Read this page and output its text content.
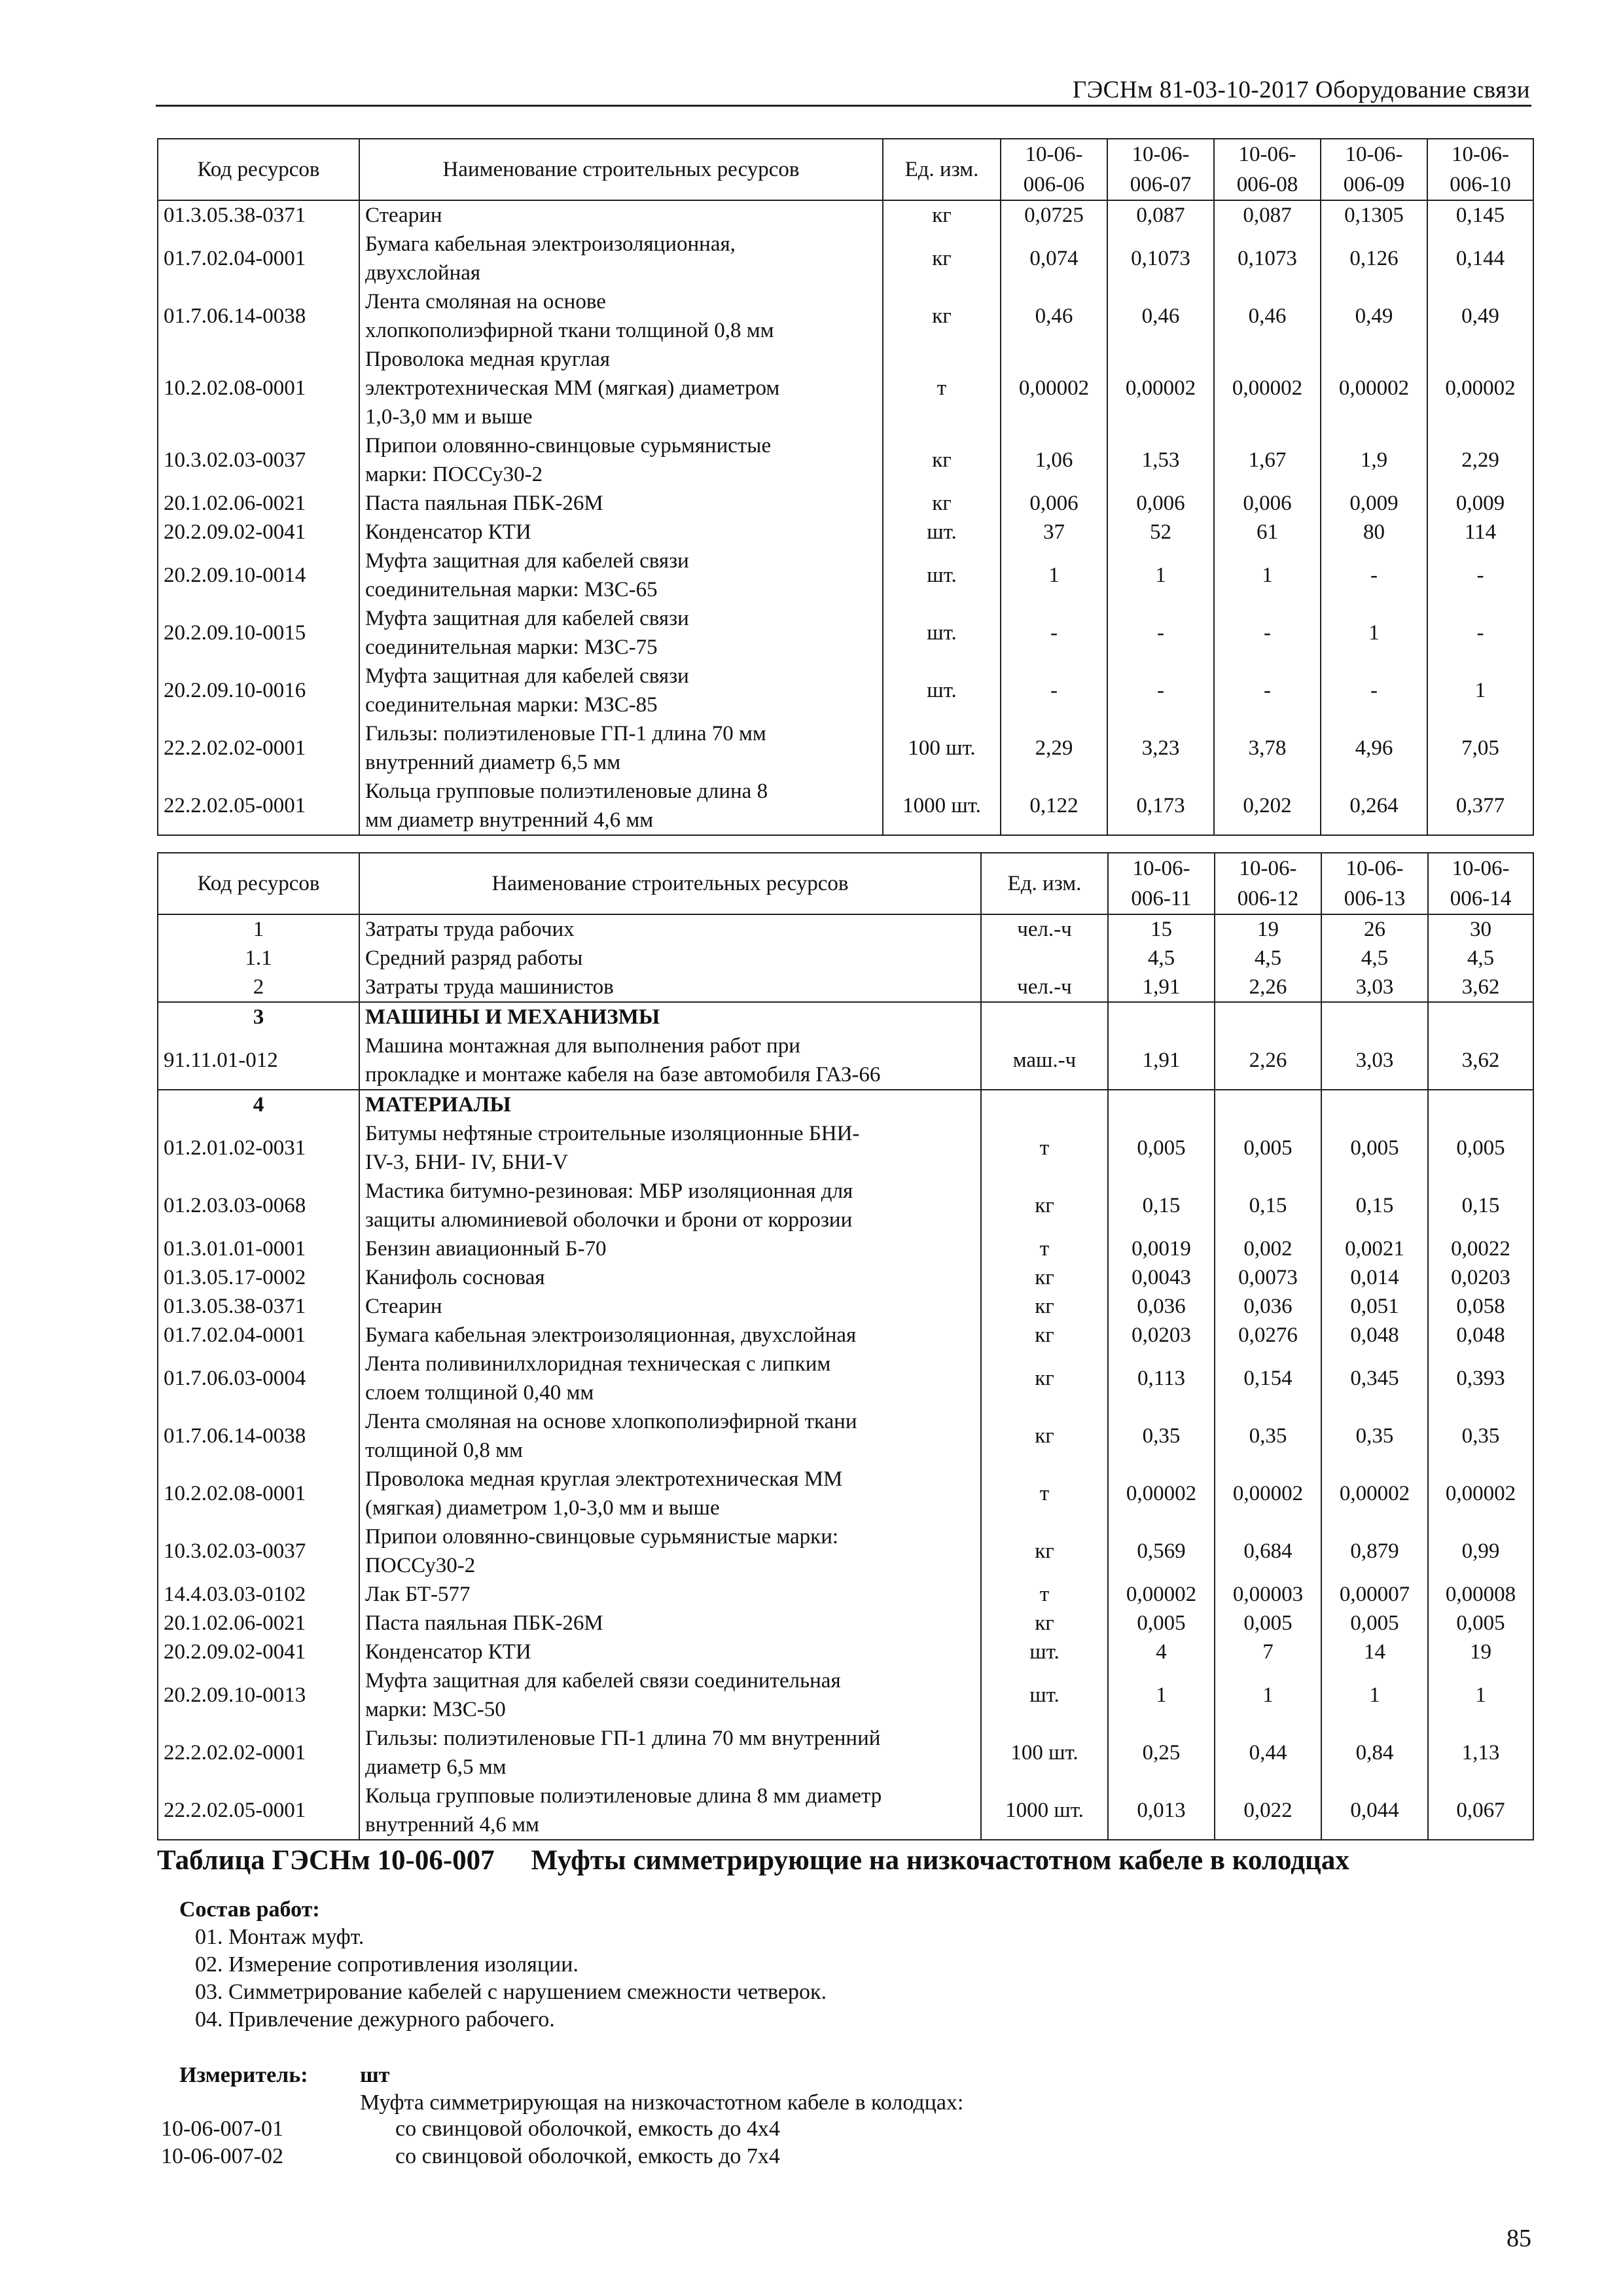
ГЭСНм 81-03-10-2017 Оборудование связи
Код ресурсов	Наименование строительных ресурсов	Ед. изм.	10-06-
006-06	10-06-
006-07	10-06-
006-08	10-06-
006-09	10-06-
006-10
01.3.05.38-0371	Стеарин	кг	0,0725	0,087	0,087	0,1305	0,145
01.7.02.04-0001	Бумага кабельная электроизоляционная,
двухслойная	кг	0,074	0,1073	0,1073	0,126	0,144
01.7.06.14-0038	Лента смоляная на основе
хлопкополиэфирной ткани толщиной 0,8 мм	кг	0,46	0,46	0,46	0,49	0,49
10.2.02.08-0001	Проволока медная круглая
электротехническая ММ (мягкая) диаметром
1,0-3,0 мм и выше	т	0,00002	0,00002	0,00002	0,00002	0,00002
10.3.02.03-0037	Припои оловянно-свинцовые сурьмянистые
марки: ПОССу30-2	кг	1,06	1,53	1,67	1,9	2,29
20.1.02.06-0021	Паста паяльная ПБК-26М	кг	0,006	0,006	0,006	0,009	0,009
20.2.09.02-0041	Конденсатор КТИ	шт.	37	52	61	80	114
20.2.09.10-0014	Муфта защитная для кабелей связи
соединительная марки: МЗС-65	шт.	1	1	1	-	-
20.2.09.10-0015	Муфта защитная для кабелей связи
соединительная марки: МЗС-75	шт.	-	-	-	1	-
20.2.09.10-0016	Муфта защитная для кабелей связи
соединительная марки: МЗС-85	шт.	-	-	-	-	1
22.2.02.02-0001	Гильзы: полиэтиленовые ГП-1 длина 70 мм
внутренний диаметр 6,5 мм	100 шт.	2,29	3,23	3,78	4,96	7,05
22.2.02.05-0001	Кольца групповые полиэтиленовые длина 8
мм диаметр внутренний 4,6 мм	1000 шт.	0,122	0,173	0,202	0,264	0,377
Код ресурсов	Наименование строительных ресурсов	Ед. изм.	10-06-
006-11	10-06-
006-12	10-06-
006-13	10-06-
006-14
1	Затраты труда рабочих	чел.-ч	15	19	26	30
1.1	Средний разряд работы		4,5	4,5	4,5	4,5
2	Затраты труда машинистов	чел.-ч	1,91	2,26	3,03	3,62
3	МАШИНЫ И МЕХАНИЗМЫ					
91.11.01-012	Машина монтажная для выполнения работ при
прокладке и монтаже кабеля на базе автомобиля ГАЗ-66	маш.-ч	1,91	2,26	3,03	3,62
4	МАТЕРИАЛЫ					
01.2.01.02-0031	Битумы нефтяные строительные изоляционные БНИ-
IV-3, БНИ- IV, БНИ-V	т	0,005	0,005	0,005	0,005
01.2.03.03-0068	Мастика битумно-резиновая: МБР изоляционная для
защиты алюминиевой оболочки и брони от коррозии	кг	0,15	0,15	0,15	0,15
01.3.01.01-0001	Бензин авиационный Б-70	т	0,0019	0,002	0,0021	0,0022
01.3.05.17-0002	Канифоль сосновая	кг	0,0043	0,0073	0,014	0,0203
01.3.05.38-0371	Стеарин	кг	0,036	0,036	0,051	0,058
01.7.02.04-0001	Бумага кабельная электроизоляционная, двухслойная	кг	0,0203	0,0276	0,048	0,048
01.7.06.03-0004	Лента поливинилхлоридная техническая с липким
слоем толщиной 0,40 мм	кг	0,113	0,154	0,345	0,393
01.7.06.14-0038	Лента смоляная на основе хлопкополиэфирной ткани
толщиной 0,8 мм	кг	0,35	0,35	0,35	0,35
10.2.02.08-0001	Проволока медная круглая электротехническая ММ
(мягкая) диаметром 1,0-3,0 мм и выше	т	0,00002	0,00002	0,00002	0,00002
10.3.02.03-0037	Припои оловянно-свинцовые сурьмянистые марки:
ПОССу30-2	кг	0,569	0,684	0,879	0,99
14.4.03.03-0102	Лак БТ-577	т	0,00002	0,00003	0,00007	0,00008
20.1.02.06-0021	Паста паяльная ПБК-26М	кг	0,005	0,005	0,005	0,005
20.2.09.02-0041	Конденсатор КТИ	шт.	4	7	14	19
20.2.09.10-0013	Муфта защитная для кабелей связи соединительная
марки: МЗС-50	шт.	1	1	1	1
22.2.02.02-0001	Гильзы: полиэтиленовые ГП-1 длина 70 мм внутренний
диаметр 6,5 мм	100 шт.	0,25	0,44	0,84	1,13
22.2.02.05-0001	Кольца групповые полиэтиленовые длина 8 мм диаметр
внутренний 4,6 мм	1000 шт.	0,013	0,022	0,044	0,067
Таблица ГЭСНм 10-06-007 Муфты симметрирующие на низкочастотном кабеле в колодцах
Состав работ:
01. Монтаж муфт.
02. Измерение сопротивления изоляции.
03. Симметрирование кабелей с нарушением смежности четверок.
04. Привлечение дежурного рабочего.
Измеритель: шт
Муфта симметрирующая на низкочастотном кабеле в колодцах:
10-06-007-01	со свинцовой оболочкой, емкость до 4х4
10-06-007-02	со свинцовой оболочкой, емкость до 7х4
85
